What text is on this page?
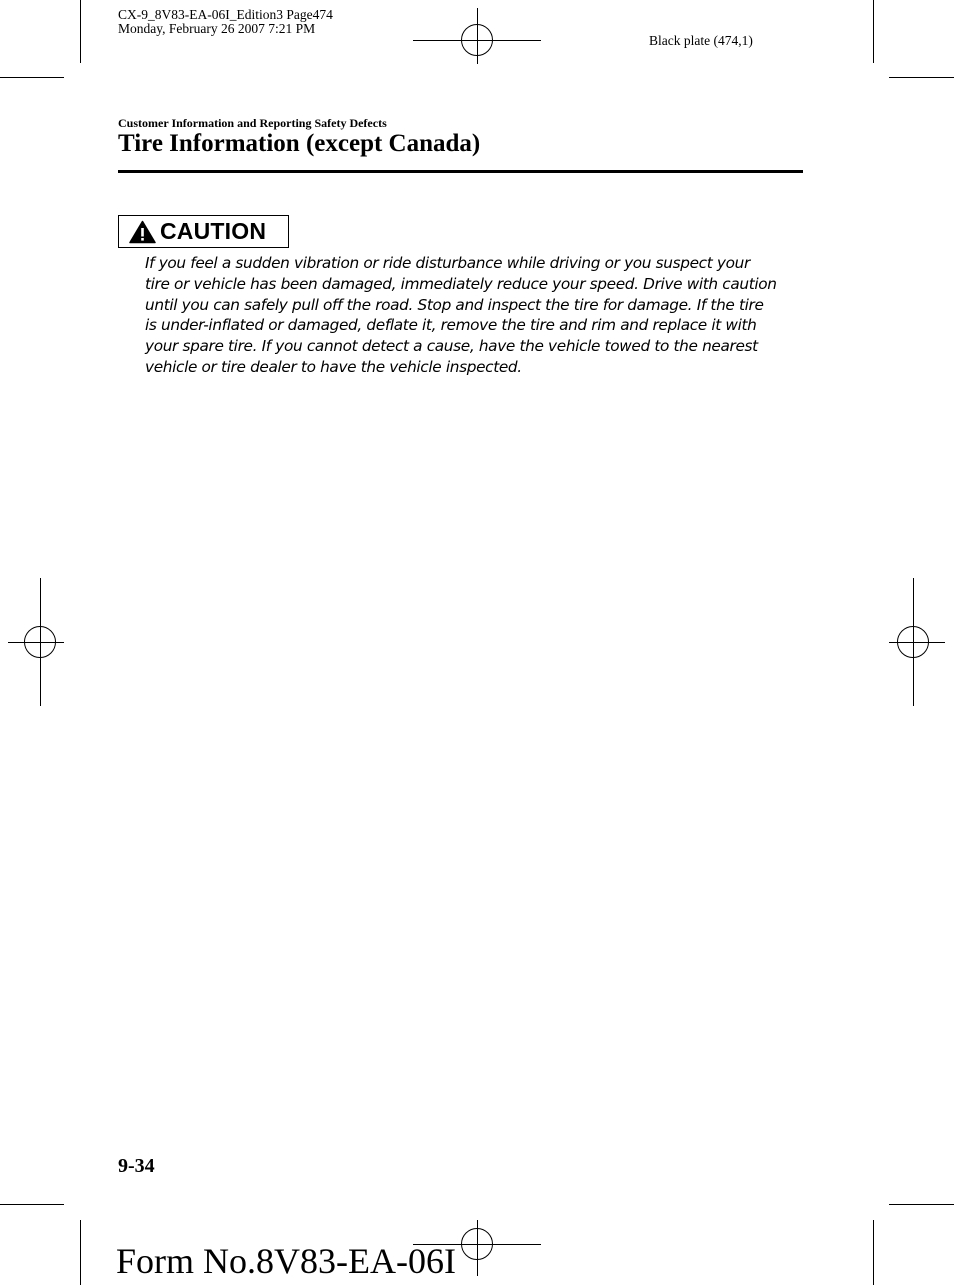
CX-9_8V83-EA-06I_Edition3 Page474
Monday, February 26 2007 7:21 PM
Black plate (474,1)
Customer Information and Reporting Safety Defects
Tire Information (except Canada)
CAUTION

If you feel a sudden vibration or ride disturbance while driving or you suspect your
tire or vehicle has been damaged, immediately reduce your speed. Drive with caution
until you can safely pull off the road. Stop and inspect the tire for damage. If the tire
is under-inflated or damaged, deflate it, remove the tire and rim and replace it with
your spare tire. If you cannot detect a cause, have the vehicle towed to the nearest
vehicle or tire dealer to have the vehicle inspected.

9-34
Form No.8V83-EA-06I
